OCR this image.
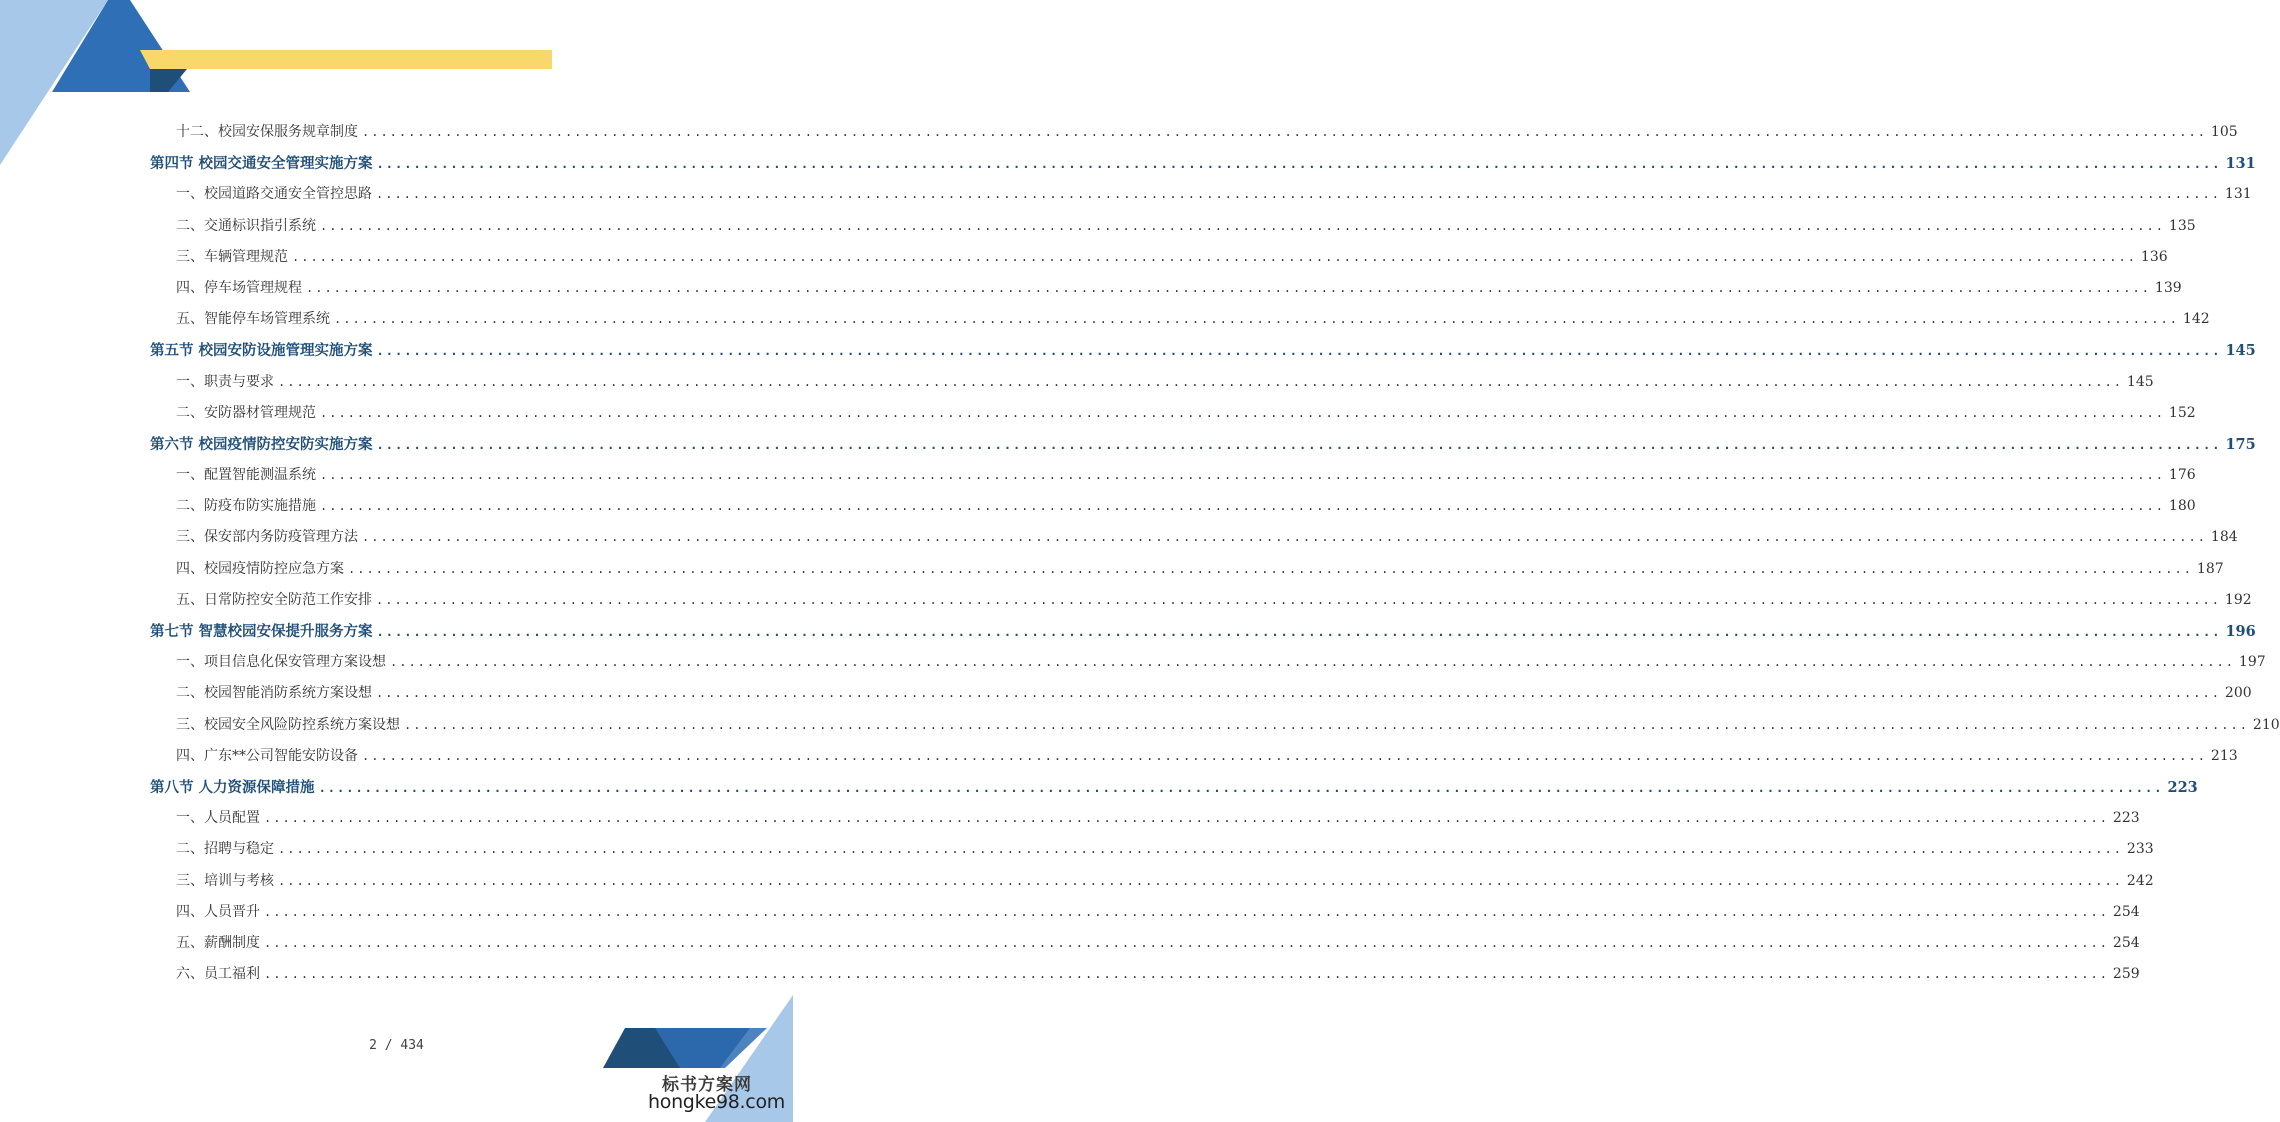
十二、校园安保服务规章制度 ........................................................................................................................................................................................................ 105
第四节 校园交通安全管理实施方案 ........................................................................................................................................................................................................ 131
一、校园道路交通安全管控思路 ........................................................................................................................................................................................................ 131
二、交通标识指引系统 ........................................................................................................................................................................................................ 135
三、车辆管理规范 ........................................................................................................................................................................................................ 136
四、停车场管理规程 ........................................................................................................................................................................................................ 139
五、智能停车场管理系统 ........................................................................................................................................................................................................ 142
第五节 校园安防设施管理实施方案 ........................................................................................................................................................................................................ 145
一、职责与要求 ........................................................................................................................................................................................................ 145
二、安防器材管理规范 ........................................................................................................................................................................................................ 152
第六节 校园疫情防控安防实施方案 ........................................................................................................................................................................................................ 175
一、配置智能测温系统 ........................................................................................................................................................................................................ 176
二、防疫布防实施措施 ........................................................................................................................................................................................................ 180
三、保安部内务防疫管理方法 ........................................................................................................................................................................................................ 184
四、校园疫情防控应急方案 ........................................................................................................................................................................................................ 187
五、日常防控安全防范工作安排 ........................................................................................................................................................................................................ 192
第七节 智慧校园安保提升服务方案 ........................................................................................................................................................................................................ 196
一、项目信息化保安管理方案设想 ........................................................................................................................................................................................................ 197
二、校园智能消防系统方案设想 ........................................................................................................................................................................................................ 200
三、校园安全风险防控系统方案设想 ........................................................................................................................................................................................................ 210
四、广东**公司智能安防设备 ........................................................................................................................................................................................................ 213
第八节 人力资源保障措施 ........................................................................................................................................................................................................ 223
一、人员配置 ........................................................................................................................................................................................................ 223
二、招聘与稳定 ........................................................................................................................................................................................................ 233
三、培训与考核 ........................................................................................................................................................................................................ 242
四、人员晋升 ........................................................................................................................................................................................................ 254
五、薪酬制度 ........................................................................................................................................................................................................ 254
六、员工福利 ........................................................................................................................................................................................................ 259
2 / 434
标书方案网
hongke98.com
